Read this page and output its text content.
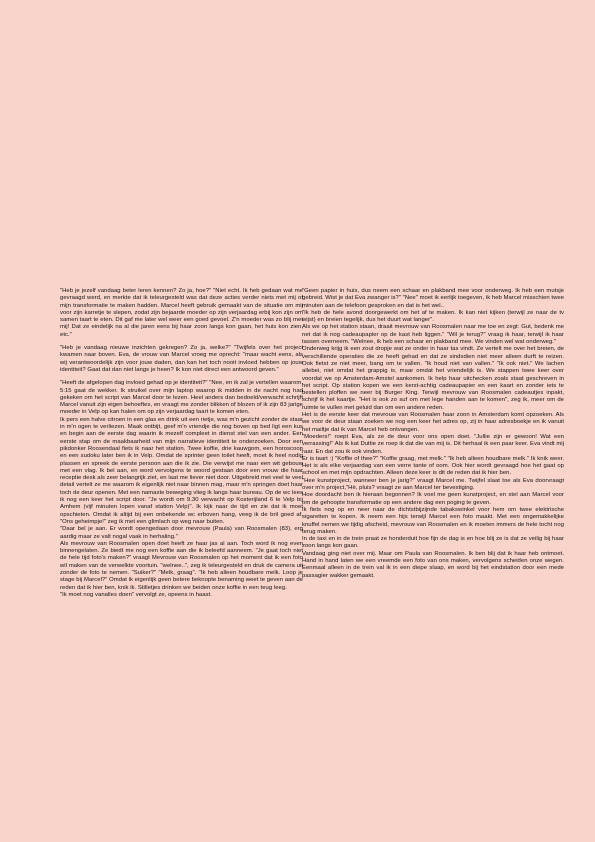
"Heb je jezelf vandaag beter leren kennen? Zo ja, hoe?" "Niet echt. Ik heb gedaan wat me gevraagd werd, en merkte dat ik teleurgesteld was dat deze acties verder niets met mij of mijn transformatie te maken hadden. Marcel heeft gebruik gemaakt van de situatie om mij voor zijn karretje te slepen, zodat zijn bejaarde moeder op zijn verjaardag erbij kon zijn om samen taart te eten. Dit gaf me later wel weer een goed gevoel. Z'n moeder was zo blij met mij! Dat ze eindelijk na al die jaren eens bij haar zoon langs kon gaan, het huis kon zien, etc."

"Heb je vandaag nieuwe inzichten gekregen? Zo ja, welke?" "Twijfels over het project kwamen naar boven. Eva, de vrouw van Marcel vroeg me oprecht: "maar wacht eens, als wij verantwoordelijk zijn voor jouw daden, dan kan het toch nooit invloed hebben op jouw identiteit? Gaat dat dan niet langs je heen? Ik kon niet direct een antwoord geven."

"Heeft de afgelopen dag invloed gehad op je identiteit?" "Nee, en ik zal je vertellen waarom. 5:15 gaat de wekker. Ik struikel over mijn laptop waarop ik midden in de nacht nog had gekeken om het script van Marcel door te lezen. Heel anders dan bedoeld/verwacht schrijft Marcel vanuit zijn eigen behoeftes, en vraagt me zonder blikken of blozen of ik zijn 83 jarige moeder in Velp op kan halen om op zijn verjaardag taart te komen eten.

Ik pers een halve citroen in een glas en drink uit een rietje, was m'n gezicht zonder de staar in m'n ogen te verliezen. Maak ontbijt, geef m'n vriendje die nog boven op bed ligt een kus en begin aan de eerste dag waarin ik mezelf compleet in dienst stel van een ander. Een eerste stap om de maakbaarheid van mijn narratieve identiteit te onderzoeken. Door een pikdonker Roosendaal fiets ik naar het station. Twee koffie, drie kauwgom, een horoscoop en een sudoku later ben ik in Velp. Omdat de sprinter geen toilet heeft, moet ik heel nodig plassen en spreek de eerste persoon aan die ik zie. Die verwijst me naar een wit gebouw met een vlag. Ik bel aan, en word vervolgens te woord gestaan door een vrouw die haar receptie desk als zeer belangrijk ziet, en laat me liever niet door. Uitgebreid met veel te veel detail vertelt ze me waarom ik eigenlijk niet naar binnen mag, maar m'n springen doet haar toch de deur openen. Met een namaste beweging vlieg ik langs haar bureau. Op de wc lees ik nog een keer het script door. "Je wordt om 9.30 verwacht op Kosterijland 6 te Velp bij Amhem (vijf minuten lopen vanaf station Velp)". Ik kijk naar de tijd en zie dat ik moet opschieten. Omdat ik altijd bij een onbekende wc erboven hang, veeg ik de bril goed af. "Ons geheimpje!" zeg ik met een glimlach op weg naar buiten.

"Daar bel je aan. Er wordt opengedaan door mevrouw (Paula) van Roosmalen (83), erg aardig maar ze valt nogal vaak in herhaling."

Als mevrouw van Roosmalen open doet heeft ze haar jas al aan. Toch word ik nog even binnengelaten. Ze biedt me nog een koffie aan die ik beleefd aanneem. "Je gaat toch niet de hele tijd foto's maken?" vraagt Mevrouw van Roosmalen op het moment dat ik een foto wil maken van de verwelkte voortuin. "welnee..", zeg ik teleurgesteld en druk de camera uit zonder de foto te nemen. "Suiker?" "Melk, graag". "Ik heb alleen houdbare melk. Loop je stage bij Marcel?" Omdat ik eigenlijk geen betere beknopte benaming weet te geven aan de reden dat ik hier ben, knik ik. Stilletjes drinken we beiden onze koffie in een teug leeg.

"Ik moet nog vanalles doen" vervolgt ze, opeens in haast.

"Geen papier in huis, dus neem een schaar en plakband mee voor onderweg. Ik heb een mutsje gebreid. Wist je dat Eva zwanger is?" "Nee" moet ik eerlijk toegeven, ik heb Marcel misschien twee minuten aan de telefoon gesproken en dat is het wel..

"Ik heb de hele avond doorgewerkt om het af te maken. Ik kan niet kijken (terwijl ze naar de tv wijst) en breien tegelijk, dus het duurt wat langer".

Als we op het station staan, draait mevrouw van Roosmalen naar me toe en zegt: Gut, bedenk me net dat ik nog cadeaupapier op de kast heb liggen." "Wil je terug?" vraag ik haar, terwijl ik haar tassen overneem. "Welnee, ik heb een schaar en plakband mee. We vinden wel wat onderweg."

Onderweg krijg ik een zout dropje wat ze onder in haar tas vindt. Ze vertelt me over het breien, de verschillende operaties die ze heeft gehad en dat ze sindsdien niet meer alleen durft te reizen. Ook fietst ze niet meer, bang om te vallen. "Ik houd niet van vallen." "Ik ook niet." We lachen allebei, niet omdat het grappig is, maar omdat het vriendelijk is. We stappen twee keer over voordat we op Amsterdam-Amstel aankomen. Ik help haar uitchecken zoals staat geschreven in het script. Op station kopen we een kerst-achtig cadeaupapier en een kaart en zonder iets te bestellen ploffen we neer bij Burger King. Terwijl mevrouw van Roosmalen cadeautjes inpakt, schrijf ik het kaartje. "Het is ook zo suf om met lege handen aan te komen", zeg ik, meer om de ruimte te vullen met geluid dan om een andere reden.

Het is de eerste keer dat mevrouw van Roosmalen haar zoon in Amsterdam komt opzoeken. Als we voor de deur staan zoeken we nog een keer het adres op, zij in haar adresboekje en ik vanuit het mailtje dat ik van Marcel heb ontvangen.

"Moeders!" roept Eva, als ze de deur voor ons open doet. "Jullie zijn er gewoon! Wat een verrassing!" Als ik kat Duttie ze roep ik dat die van mij is. Dit herhaal ik een paar keer. Eva vindt mij raar. En dat zou ik ook vinden.

Er is taart :) "Koffie of thee?" "Koffie graag, met melk." "Ik heb alleen houdbare melk." Ik knik weer. Het is als elke verjaardag van een verre tante of oom. Ook hier wordt gevraagd hoe het gaat op school en met mijn opdrachten. Alleen deze keer is dit de reden dat ik hier ben.

"Hee kunstproject, wanneer ben je jarig?" vraagt Marcel me. Twijfel slaat toe als Eva doorvraagt over m'n project,"Hè, pluis? vraagt ze aan Marcel ter bevestiging.

Hoe doordacht ben ik hieraan begonnen? Ik voel me geen kunstproject, en stel aan Marcel voor om de gehoopte transformatie op een andere dag een poging te geven.

Ik fiets nog op en neer naar de dichtstbijzijnde tabakswinkel voor hem om twee elektrische sigaretten te kopen. Ik neem een hijs terwijl Marcel een foto maakt. Met een ongemakkelijke knuffel nemen we tijdig afscheid, mevrouw van Roosmalen en ik moeten immers de hele tocht nog terug maken.

In de taxi en in de trein praat ze honderduit hoe fijn de dag is en hoe blij ze is dat ze veilig bij haar zoon langs kon gaan.

Vandaag ging niet over mij. Maar om Paula van Roosmalen. Ik ben blij dat ik haar heb ontmoet. Hand in hand laten we een vreemde een foto van ons maken, vervolgens scheiden onze wegen. Eenmaal alleen in de trein val ik in een diepe slaap, en word bij het eindstation door een mede passagier wakker gemaakt.
